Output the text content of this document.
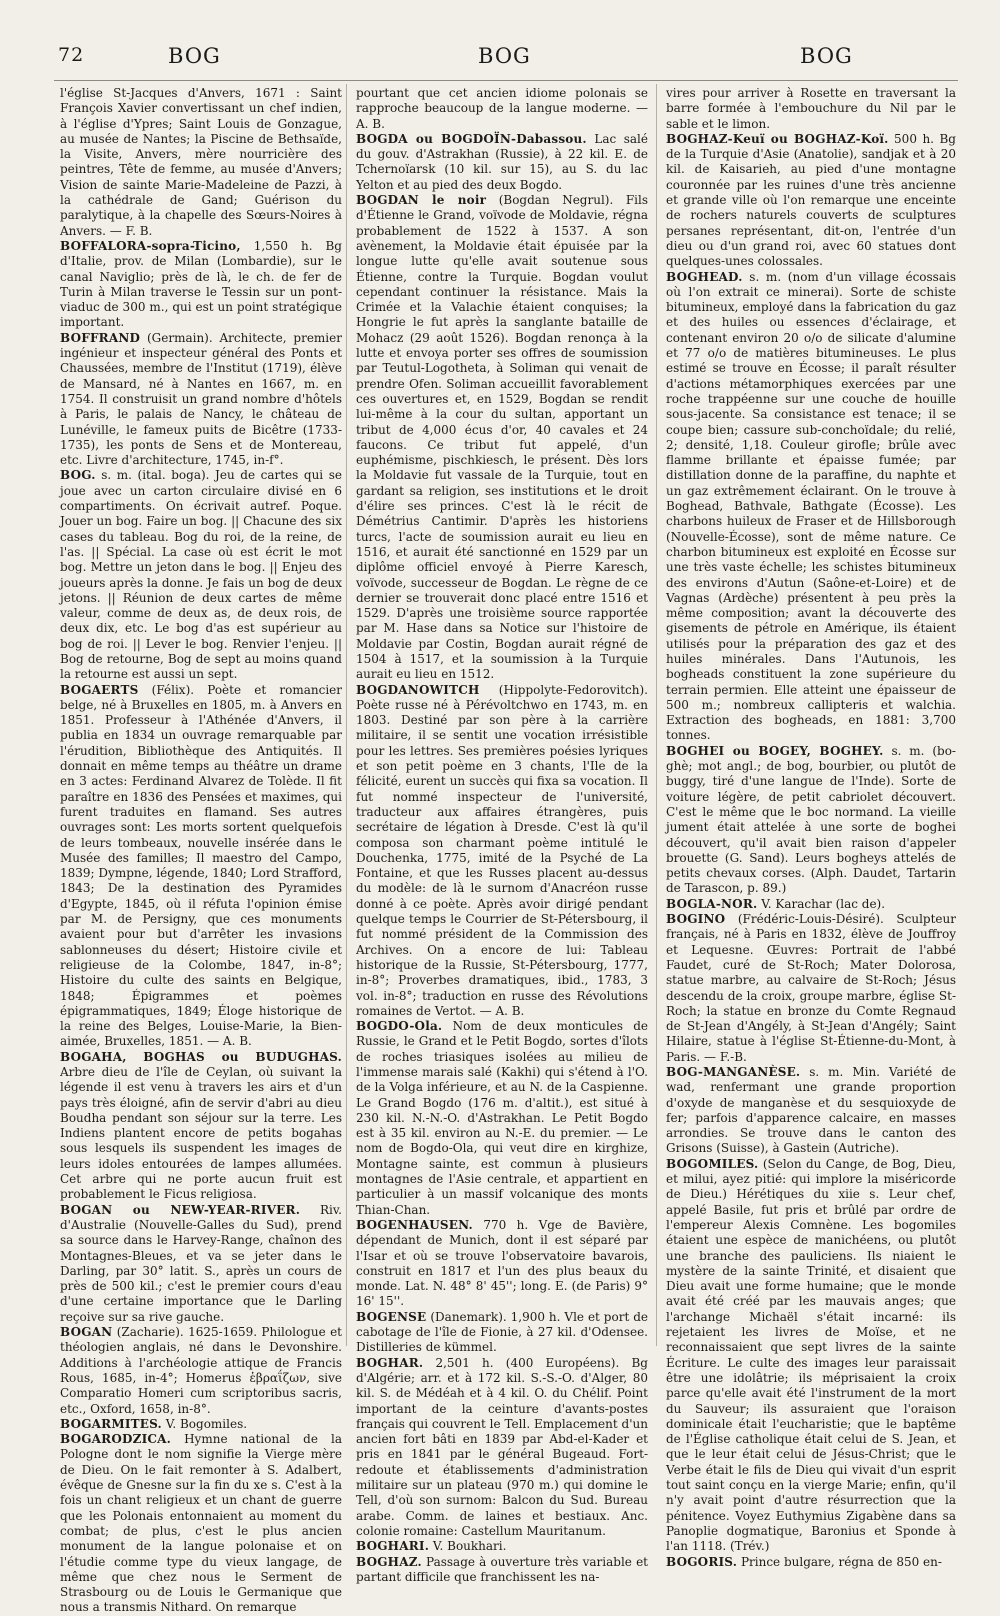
72	BOG	BOG	BOG

l'église St-Jacques d'Anvers, 1671 : Saint François Xavier convertissant un chef indien, à l'église d'Ypres; Saint Louis de Gonzague, au musée de Nantes; la Piscine de Bethsaïde, la Visite, Anvers, mère nourricière des peintres, Tête de femme, au musée d'Anvers; Vision de sainte Marie-Madeleine de Pazzi, à la cathédrale de Gand; Guérison du paralytique, à la chapelle des Sœurs-Noires à Anvers. — F. B.

BOFFALORA-sopra-Ticino, 1,550 h. Bg d'Italie, prov. de Milan (Lombardie), sur le canal Naviglio; près de là, le ch. de fer de Turin à Milan traverse le Tessin sur un pont-viaduc de 300 m., qui est un point stratégique important.

BOFFRAND (Germain). Architecte, premier ingénieur et inspecteur général des Ponts et Chaussées, membre de l'Institut (1719), élève de Mansard, né à Nantes en 1667, m. en 1754. Il construisit un grand nombre d'hôtels à Paris, le palais de Nancy, le château de Lunéville, le fameux puits de Bicêtre (1733-1735), les ponts de Sens et de Montereau, etc. Livre d'architecture, 1745, in-f°.

BOG. s. m. (ital. boga). Jeu de cartes qui se joue avec un carton circulaire divisé en 6 compartiments. On écrivait autref. Poque. Jouer un bog. Faire un bog. || Chacune des six cases du tableau. Bog du roi, de la reine, de l'as. || Spécial. La case où est écrit le mot bog. Mettre un jeton dans le bog. || Enjeu des joueurs après la donne. Je fais un bog de deux jetons. || Réunion de deux cartes de même valeur, comme de deux as, de deux rois, de deux dix, etc. Le bog d'as est supérieur au bog de roi. || Lever le bog. Renvier l'enjeu. || Bog de retourne, Bog de sept au moins quand la retourne est aussi un sept.

BOGAERTS (Félix). Poète et romancier belge, né à Bruxelles en 1805, m. à Anvers en 1851. Professeur à l'Athénée d'Anvers, il publia en 1834 un ouvrage remarquable par l'érudition, Bibliothèque des Antiquités. Il donnait en même temps au théâtre un drame en 3 actes: Ferdinand Alvarez de Tolède. Il fit paraître en 1836 des Pensées et maximes, qui furent traduites en flamand. Ses autres ouvrages sont: Les morts sortent quelquefois de leurs tombeaux, nouvelle insérée dans le Musée des familles; Il maestro del Campo, 1839; Dympne, légende, 1840; Lord Strafford, 1843; De la destination des Pyramides d'Egypte, 1845, où il réfuta l'opinion émise par M. de Persigny, que ces monuments avaient pour but d'arrêter les invasions sablonneuses du désert; Histoire civile et religieuse de la Colombe, 1847, in-8°; Histoire du culte des saints en Belgique, 1848; Épigrammes et poèmes épigrammatiques, 1849; Éloge historique de la reine des Belges, Louise-Marie, la Bien-aimée, Bruxelles, 1851. — A. B.

BOGAHA, BOGHAS ou BUDUGHAS. Arbre dieu de l'île de Ceylan, où suivant la légende il est venu à travers les airs et d'un pays très éloigné, afin de servir d'abri au dieu Boudha pendant son séjour sur la terre. Les Indiens plantent encore de petits bogahas sous lesquels ils suspendent les images de leurs idoles entourées de lampes allumées. Cet arbre qui ne porte aucun fruit est probablement le Ficus religiosa.

BOGAN ou NEW-YEAR-RIVER. Riv. d'Australie (Nouvelle-Galles du Sud), prend sa source dans le Harvey-Range, chaînon des Montagnes-Bleues, et va se jeter dans le Darling, par 30° latit. S., après un cours de près de 500 kil.; c'est le premier cours d'eau d'une certaine importance que le Darling reçoive sur sa rive gauche.

BOGAN (Zacharie). 1625-1659. Philologue et théologien anglais, né dans le Devonshire. Additions à l'archéologie attique de Francis Rous, 1685, in-4°; Homerus ἑβραΐζων, sive Comparatio Homeri cum scriptoribus sacris, etc., Oxford, 1658, in-8°.

BOGARMITES. V. Bogomiles.

BOGARODZICA. Hymne national de la Pologne dont le nom signifie la Vierge mère de Dieu. On le fait remonter à S. Adalbert, évêque de Gnesne sur la fin du xe s. C'est à la fois un chant religieux et un chant de guerre que les Polonais entonnaient au moment du combat; de plus, c'est le plus ancien monument de la langue polonaise et on l'étudie comme type du vieux langage, de même que chez nous le Serment de Strasbourg ou de Louis le Germanique que nous a transmis Nithard. On remarque

pourtant que cet ancien idiome polonais se rapproche beaucoup de la langue moderne. — A. B.

BOGDA ou BOGDOÏN-Dabassou. Lac salé du gouv. d'Astrakhan (Russie), à 22 kil. E. de Tchernoïarsk (10 kil. sur 15), au S. du lac Yelton et au pied des deux Bogdo.

BOGDAN le noir (Bogdan Negrul). Fils d'Étienne le Grand, voïvode de Moldavie, régna probablement de 1522 à 1537. A son avènement, la Moldavie était épuisée par la longue lutte qu'elle avait soutenue sous Étienne, contre la Turquie. Bogdan voulut cependant continuer la résistance. Mais la Crimée et la Valachie étaient conquises; la Hongrie le fut après la sanglante bataille de Mohacz (29 août 1526). Bogdan renonça à la lutte et envoya porter ses offres de soumission par Teutul-Logotheta, à Soliman qui venait de prendre Ofen. Soliman accueillit favorablement ces ouvertures et, en 1529, Bogdan se rendit lui-même à la cour du sultan, apportant un tribut de 4,000 écus d'or, 40 cavales et 24 faucons. Ce tribut fut appelé, d'un euphémisme, pischkiesch, le présent. Dès lors la Moldavie fut vassale de la Turquie, tout en gardant sa religion, ses institutions et le droit d'élire ses princes. C'est là le récit de Démétrius Cantimir. D'après les historiens turcs, l'acte de soumission aurait eu lieu en 1516, et aurait été sanctionné en 1529 par un diplôme officiel envoyé à Pierre Karesch, voïvode, successeur de Bogdan. Le règne de ce dernier se trouverait donc placé entre 1516 et 1529. D'après une troisième source rapportée par M. Hase dans sa Notice sur l'histoire de Moldavie par Costin, Bogdan aurait régné de 1504 à 1517, et la soumission à la Turquie aurait eu lieu en 1512.

BOGDANOWITCH (Hippolyte-Fedorovitch). Poète russe né à Pérévoltchwo en 1743, m. en 1803. Destiné par son père à la carrière militaire, il se sentit une vocation irrésistible pour les lettres. Ses premières poésies lyriques et son petit poème en 3 chants, l'Ile de la félicité, eurent un succès qui fixa sa vocation. Il fut nommé inspecteur de l'université, traducteur aux affaires étrangères, puis secrétaire de légation à Dresde. C'est là qu'il composa son charmant poème intitulé le Douchenka, 1775, imité de la Psyché de La Fontaine, et que les Russes placent au-dessus du modèle: de là le surnom d'Anacréon russe donné à ce poète. Après avoir dirigé pendant quelque temps le Courrier de St-Pétersbourg, il fut nommé président de la Commission des Archives. On a encore de lui: Tableau historique de la Russie, St-Pétersbourg, 1777, in-8°; Proverbes dramatiques, ibid., 1783, 3 vol. in-8°; traduction en russe des Révolutions romaines de Vertot. — A. B.

BOGDO-Ola. Nom de deux monticules de Russie, le Grand et le Petit Bogdo, sortes d'îlots de roches triasiques isolées au milieu de l'immense marais salé (Kakhi) qui s'étend à l'O. de la Volga inférieure, et au N. de la Caspienne. Le Grand Bogdo (176 m. d'altit.), est situé à 230 kil. N.-N.-O. d'Astrakhan. Le Petit Bogdo est à 35 kil. environ au N.-E. du premier. — Le nom de Bogdo-Ola, qui veut dire en kirghize, Montagne sainte, est commun à plusieurs montagnes de l'Asie centrale, et appartient en particulier à un massif volcanique des monts Thian-Chan.

BOGENHAUSEN. 770 h. Vge de Bavière, dépendant de Munich, dont il est séparé par l'Isar et où se trouve l'observatoire bavarois, construit en 1817 et l'un des plus beaux du monde. Lat. N. 48° 8' 45''; long. E. (de Paris) 9° 16' 15''.

BOGENSE (Danemark). 1,900 h. Vle et port de cabotage de l'île de Fionie, à 27 kil. d'Odensee. Distilleries de kümmel.

BOGHAR. 2,501 h. (400 Européens). Bg d'Algérie; arr. et à 172 kil. S.-S.-O. d'Alger, 80 kil. S. de Médéah et à 4 kil. O. du Chélif. Point important de la ceinture d'avants-postes français qui couvrent le Tell. Emplacement d'un ancien fort bâti en 1839 par Abd-el-Kader et pris en 1841 par le général Bugeaud. Fort-redoute et établissements d'administration militaire sur un plateau (970 m.) qui domine le Tell, d'où son surnom: Balcon du Sud. Bureau arabe. Comm. de laines et bestiaux. Anc. colonie romaine: Castellum Mauritanum.

BOGHARI. V. Boukhari.

BOGHAZ. Passage à ouverture très variable et partant difficile que franchissent les na-

vires pour arriver à Rosette en traversant la barre formée à l'embouchure du Nil par le sable et le limon.

BOGHAZ-Keuï ou BOGHAZ-Koï. 500 h. Bg de la Turquie d'Asie (Anatolie), sandjak et à 20 kil. de Kaisarieh, au pied d'une montagne couronnée par les ruines d'une très ancienne et grande ville où l'on remarque une enceinte de rochers naturels couverts de sculptures persanes représentant, dit-on, l'entrée d'un dieu ou d'un grand roi, avec 60 statues dont quelques-unes colossales.

BOGHEAD. s. m. (nom d'un village écossais où l'on extrait ce minerai). Sorte de schiste bitumineux, employé dans la fabrication du gaz et des huiles ou essences d'éclairage, et contenant environ 20 o/o de silicate d'alumine et 77 o/o de matières bitumineuses. Le plus estimé se trouve en Écosse; il paraît résulter d'actions métamorphiques exercées par une roche trappéenne sur une couche de houille sous-jacente. Sa consistance est tenace; il se coupe bien; cassure sub-conchoïdale; du relié, 2; densité, 1,18. Couleur girofle; brûle avec flamme brillante et épaisse fumée; par distillation donne de la paraffine, du naphte et un gaz extrêmement éclairant. On le trouve à Boghead, Bathvale, Bathgate (Écosse). Les charbons huileux de Fraser et de Hillsborough (Nouvelle-Écosse), sont de même nature. Ce charbon bitumineux est exploité en Écosse sur une très vaste échelle; les schistes bitumineux des environs d'Autun (Saône-et-Loire) et de Vagnas (Ardèche) présentent à peu près la même composition; avant la découverte des gisements de pétrole en Amérique, ils étaient utilisés pour la préparation des gaz et des huiles minérales. Dans l'Autunois, les bogheads constituent la zone supérieure du terrain permien. Elle atteint une épaisseur de 500 m.; nombreux callipteris et walchia. Extraction des bogheads, en 1881: 3,700 tonnes.

BOGHEI ou BOGEY, BOGHEY. s. m. (bo-ghè; mot angl.; de bog, bourbier, ou plutôt de buggy, tiré d'une langue de l'Inde). Sorte de voiture légère, de petit cabriolet découvert. C'est le même que le boc normand. La vieille jument était attelée à une sorte de boghei découvert, qu'il avait bien raison d'appeler brouette (G. Sand). Leurs bogheys attelés de petits chevaux corses. (Alph. Daudet, Tartarin de Tarascon, p. 89.)

BOGLA-NOR. V. Karachar (lac de).

BOGINO (Frédéric-Louis-Désiré). Sculpteur français, né à Paris en 1832, élève de Jouffroy et Lequesne. Œuvres: Portrait de l'abbé Faudet, curé de St-Roch; Mater Dolorosa, statue marbre, au calvaire de St-Roch; Jésus descendu de la croix, groupe marbre, église St-Roch; la statue en bronze du Comte Regnaud de St-Jean d'Angély, à St-Jean d'Angély; Saint Hilaire, statue à l'église St-Étienne-du-Mont, à Paris. — F.-B.

BOG-MANGANÈSE. s. m. Min. Variété de wad, renfermant une grande proportion d'oxyde de manganèse et du sesquioxyde de fer; parfois d'apparence calcaire, en masses arrondies. Se trouve dans le canton des Grisons (Suisse), à Gastein (Autriche).

BOGOMILES. (Selon du Cange, de Bog, Dieu, et milui, ayez pitié: qui implore la miséricorde de Dieu.) Hérétiques du xiie s. Leur chef, appelé Basile, fut pris et brûlé par ordre de l'empereur Alexis Comnène. Les bogomiles étaient une espèce de manichéens, ou plutôt une branche des pauliciens. Ils niaient le mystère de la sainte Trinité, et disaient que Dieu avait une forme humaine; que le monde avait été créé par les mauvais anges; que l'archange Michaël s'était incarné: ils rejetaient les livres de Moïse, et ne reconnaissaient que sept livres de la sainte Écriture. Le culte des images leur paraissait être une idolâtrie; ils méprisaient la croix parce qu'elle avait été l'instrument de la mort du Sauveur; ils assuraient que l'oraison dominicale était l'eucharistie; que le baptême de l'Église catholique était celui de S. Jean, et que le leur était celui de Jésus-Christ; que le Verbe était le fils de Dieu qui vivait d'un esprit tout saint conçu en la vierge Marie; enfin, qu'il n'y avait point d'autre résurrection que la pénitence. Voyez Euthymius Zigabène dans sa Panoplie dogmatique, Baronius et Sponde à l'an 1118. (Trév.)

BOGORIS. Prince bulgare, régna de 850 en-
